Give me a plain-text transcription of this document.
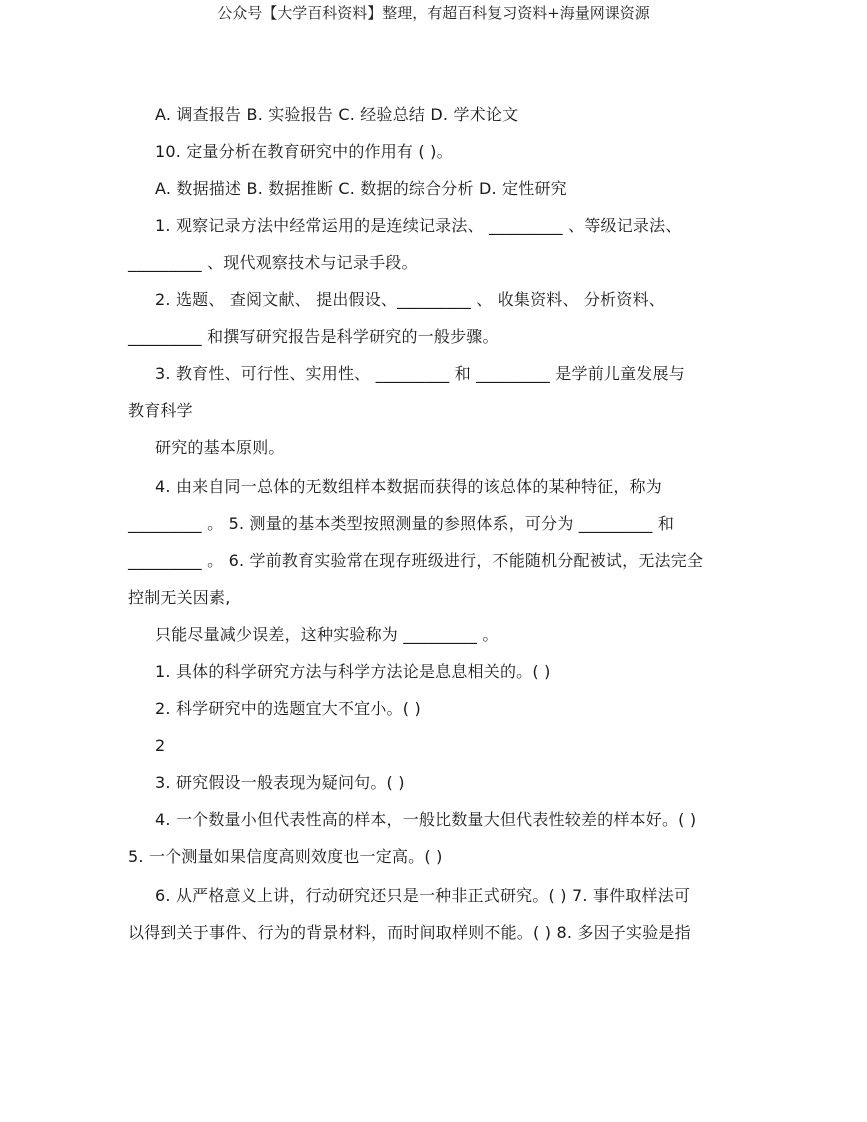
公众号【大学百科资料】整理，有超百科复习资料+海量网课资源
A. 调查报告 B. 实验报告 C. 经验总结 D. 学术论文
10. 定量分析在教育研究中的作用有 ( )。
A. 数据描述 B. 数据推断 C. 数据的综合分析 D. 定性研究
1. 观察记录方法中经常运用的是连续记录法、 _________ 、等级记录法、
_________ 、现代观察技术与记录手段。
2. 选题、 查阅文献、 提出假设、_________ 、 收集资料、 分析资料、
_________ 和撰写研究报告是科学研究的一般步骤。
3. 教育性、可行性、实用性、 _________ 和 _________ 是学前儿童发展与
教育科学
研究的基本原则。
4. 由来自同一总体的无数组样本数据而获得的该总体的某种特征，称为
_________ 。 5. 测量的基本类型按照测量的参照体系，可分为 _________ 和
_________ 。 6. 学前教育实验常在现存班级进行，不能随机分配被试，无法完全
控制无关因素,
只能尽量减少误差，这种实验称为 _________ 。
1. 具体的科学研究方法与科学方法论是息息相关的。( )
2. 科学研究中的选题宜大不宜小。( )
2
3. 研究假设一般表现为疑问句。( )
4. 一个数量小但代表性高的样本，一般比数量大但代表性较差的样本好。( )
5. 一个测量如果信度高则效度也一定高。( )
6. 从严格意义上讲，行动研究还只是一种非正式研究。( ) 7. 事件取样法可
以得到关于事件、行为的背景材料，而时间取样则不能。( ) 8. 多因子实验是指
